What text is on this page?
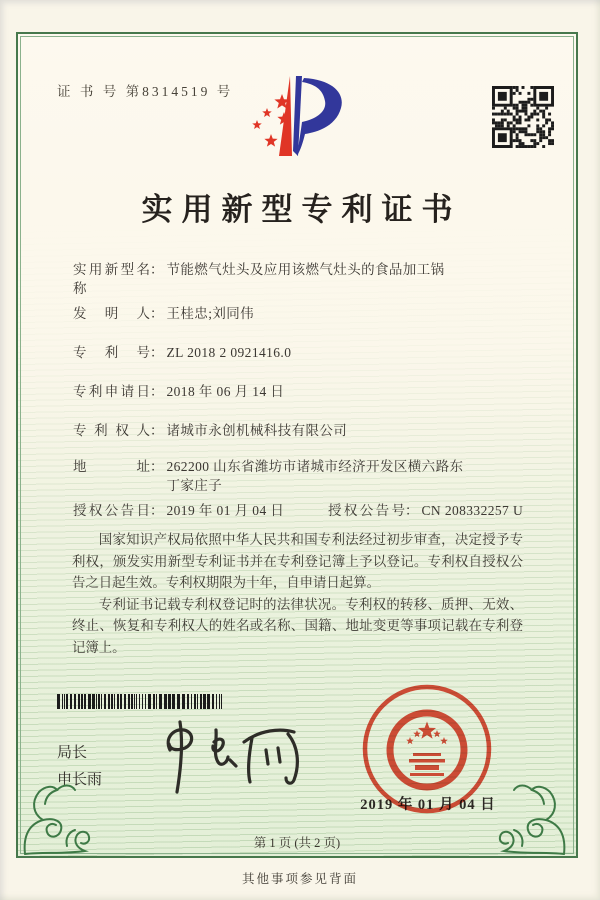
证 书 号 第8314519 号
实用新型专利证书
实用新型名称
： 节能燃气灶头及应用该燃气灶头的食品加工锅
发明人 ： 王桂忠;刘同伟
专利号 ： ZL 2018 2 0921416.0
专利申请日 ： 2018 年 06 月 14 日
专利权人 ： 诸城市永创机械科技有限公司
地址 ： 262200 山东省潍坊市诸城市经济开发区横六路东丁家庄子
授权公告日 ： 2019 年 01 月 04 日	授权公告号 ： CN 208332257 U

国家知识产权局依照中华人民共和国专利法经过初步审查，决定授予专利权，颁发实用新型专利证书并在专利登记簿上予以登记。专利权自授权公告之日起生效。专利权期限为十年，自申请日起算。

专利证书记载专利权登记时的法律状况。专利权的转移、质押、无效、终止、恢复和专利权人的姓名或名称、国籍、地址变更等事项记载在专利登记簿上。

局长
申长雨
2019 年 01 月 04 日
第 1 页 (共 2 页)
其他事项参见背面
